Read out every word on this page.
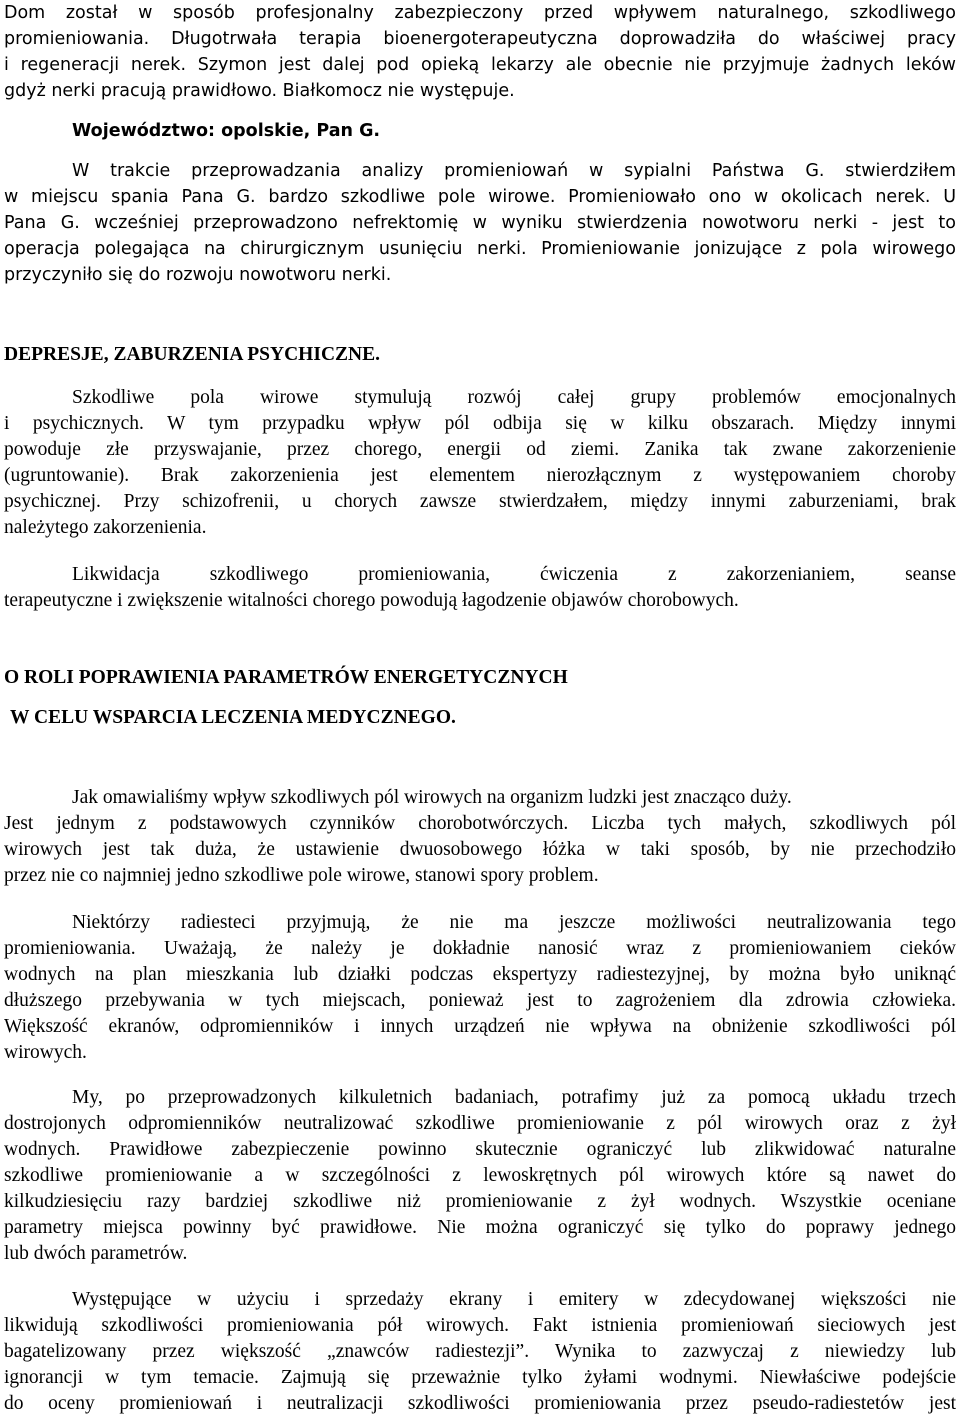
Dom został w sposób profesjonalny zabezpieczony przed wpływem naturalnego, szkodliwego

promieniowania. Długotrwała terapia bioenergoterapeutyczna doprowadziła do właściwej pracy

i regeneracji nerek. Szymon jest dalej pod opieką lekarzy ale obecnie nie przyjmuje żadnych leków

gdyż nerki pracują prawidłowo. Białkomocz nie występuje.

Województwo: opolskie, Pan G.

W trakcie przeprowadzania analizy promieniowań w sypialni Państwa G. stwierdziłem

w miejscu spania Pana G. bardzo szkodliwe pole wirowe. Promieniowało ono w okolicach nerek. U

Pana G. wcześniej przeprowadzono nefrektomię w wyniku stwierdzenia nowotworu nerki - jest to

operacja polegająca na chirurgicznym usunięciu nerki. Promieniowanie jonizujące z pola wirowego

przyczyniło się do rozwoju nowotworu nerki.

DEPRESJE, ZABURZENIA PSYCHICZNE.

Szkodliwe pola wirowe stymulują rozwój całej grupy problemów emocjonalnych

i psychicznych. W tym przypadku wpływ pól odbija się w kilku obszarach. Między innymi

powoduje złe przyswajanie, przez chorego, energii od ziemi. Zanika tak zwane zakorzenienie

(ugruntowanie). Brak zakorzenienia jest elementem nierozłącznym z występowaniem choroby

psychicznej. Przy schizofrenii, u chorych zawsze stwierdzałem, między innymi zaburzeniami, brak

należytego zakorzenienia.

Likwidacja szkodliwego promieniowania, ćwiczenia z zakorzenianiem, seanse

terapeutyczne i zwiększenie witalności chorego powodują łagodzenie objawów chorobowych.

O ROLI POPRAWIENIA PARAMETRÓW ENERGETYCZNYCH

W CELU WSPARCIA LECZENIA MEDYCZNEGO.

Jak omawialiśmy wpływ szkodliwych pól wirowych na organizm ludzki jest znacząco duży.

Jest jednym z podstawowych czynników chorobotwórczych. Liczba tych małych, szkodliwych pól

wirowych jest tak duża, że ustawienie dwuosobowego łóżka w taki sposób, by nie przechodziło

przez nie co najmniej jedno szkodliwe pole wirowe, stanowi spory problem.

Niektórzy radiesteci przyjmują, że nie ma jeszcze możliwości neutralizowania tego

promieniowania. Uważają, że należy je dokładnie nanosić wraz z promieniowaniem cieków

wodnych na plan mieszkania lub działki podczas ekspertyzy radiestezyjnej, by można było uniknąć

dłuższego przebywania w tych miejscach, ponieważ jest to zagrożeniem dla zdrowia człowieka.

Większość ekranów, odpromienników i innych urządzeń nie wpływa na obniżenie szkodliwości pól

wirowych.

My, po przeprowadzonych kilkuletnich badaniach, potrafimy już za pomocą układu trzech

dostrojonych odpromienników neutralizować szkodliwe promieniowanie z pól wirowych oraz z żył

wodnych. Prawidłowe zabezpieczenie powinno skutecznie ograniczyć lub zlikwidować naturalne

szkodliwe promieniowanie a w szczególności z lewoskrętnych pól wirowych które są nawet do

kilkudziesięciu razy bardziej szkodliwe niż promieniowanie z żył wodnych. Wszystkie oceniane

parametry miejsca powinny być prawidłowe. Nie można ograniczyć się tylko do poprawy jednego

lub dwóch parametrów.

Występujące w użyciu i sprzedaży ekrany i emitery w zdecydowanej większości nie

likwidują szkodliwości promieniowania pół wirowych. Fakt istnienia promieniowań sieciowych jest

bagatelizowany przez większość „znawców radiestezji”. Wynika to zazwyczaj z niewiedzy lub

ignorancji w tym temacie. Zajmują się przeważnie tylko żyłami wodnymi. Niewłaściwe podejście

do oceny promieniowań i neutralizacji szkodliwości promieniowania przez pseudo-radiestetów jest
